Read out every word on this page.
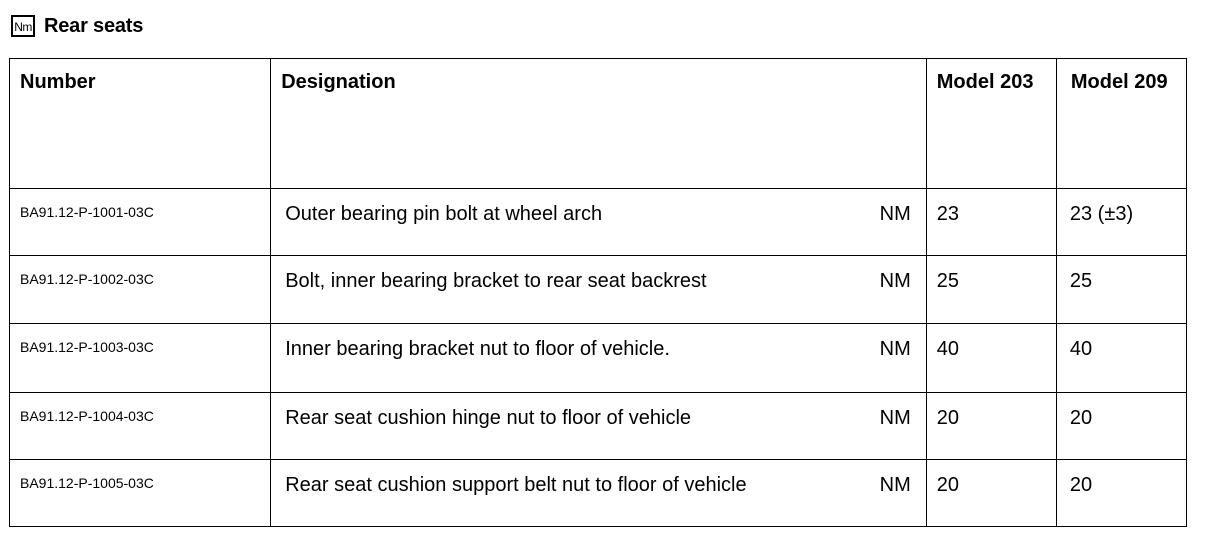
Nm Rear seats
Number	Designation	Model 203	Model 209

BA91.12-P-1001-03C	Outer bearing pin bolt at wheel arch NM	23	23 (±3)

BA91.12-P-1002-03C	Bolt, inner bearing bracket to rear seat backrest NM	25	25

BA91.12-P-1003-03C	Inner bearing bracket nut to floor of vehicle. NM	40	40

BA91.12-P-1004-03C	Rear seat cushion hinge nut to floor of vehicle NM	20	20

BA91.12-P-1005-03C	Rear seat cushion support belt nut to floor of vehicle NM	20	20
